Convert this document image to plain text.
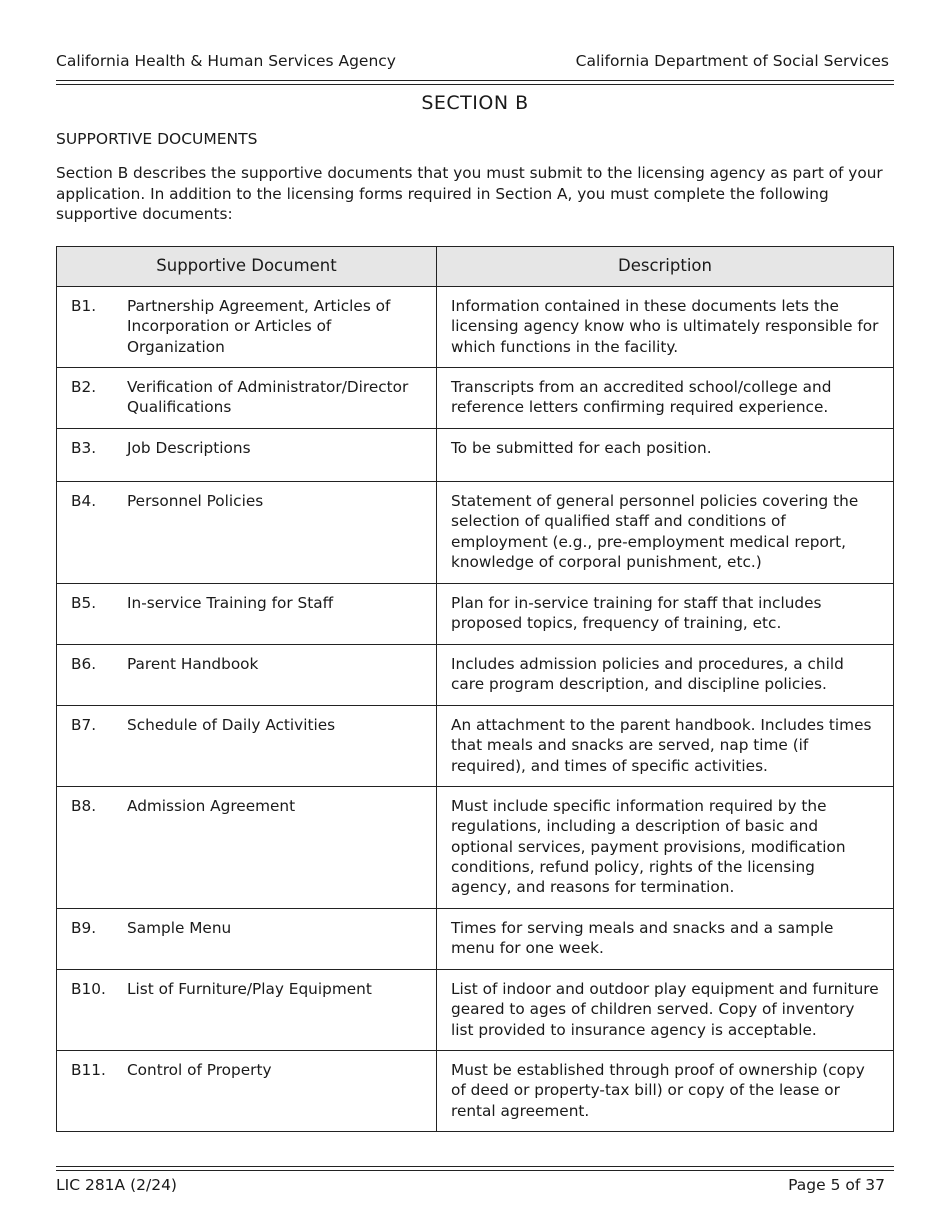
California Health & Human Services Agency	California Department of Social Services
SECTION B
SUPPORTIVE DOCUMENTS
Section B describes the supportive documents that you must submit to the licensing agency as part of your application. In addition to the licensing forms required in Section A, you must complete the following supportive documents:
Supportive Document	Description
B1. Partnership Agreement, Articles of Incorporation or Articles of Organization	Information contained in these documents lets the licensing agency know who is ultimately responsible for which functions in the facility.
B2. Verification of Administrator/Director Qualifications	Transcripts from an accredited school/college and reference letters confirming required experience.
B3. Job Descriptions	To be submitted for each position.
B4. Personnel Policies	Statement of general personnel policies covering the selection of qualified staff and conditions of employment (e.g., pre-employment medical report, knowledge of corporal punishment, etc.)
B5. In-service Training for Staff	Plan for in-service training for staff that includes proposed topics, frequency of training, etc.
B6. Parent Handbook	Includes admission policies and procedures, a child care program description, and discipline policies.
B7. Schedule of Daily Activities	An attachment to the parent handbook. Includes times that meals and snacks are served, nap time (if required), and times of specific activities.
B8. Admission Agreement	Must include specific information required by the regulations, including a description of basic and optional services, payment provisions, modification conditions, refund policy, rights of the licensing agency, and reasons for termination.
B9. Sample Menu	Times for serving meals and snacks and a sample menu for one week.
B10. List of Furniture/Play Equipment	List of indoor and outdoor play equipment and furniture geared to ages of children served. Copy of inventory list provided to insurance agency is acceptable.
B11. Control of Property	Must be established through proof of ownership (copy of deed or property-tax bill) or copy of the lease or rental agreement.
LIC 281A (2/24)	Page 5 of 37
